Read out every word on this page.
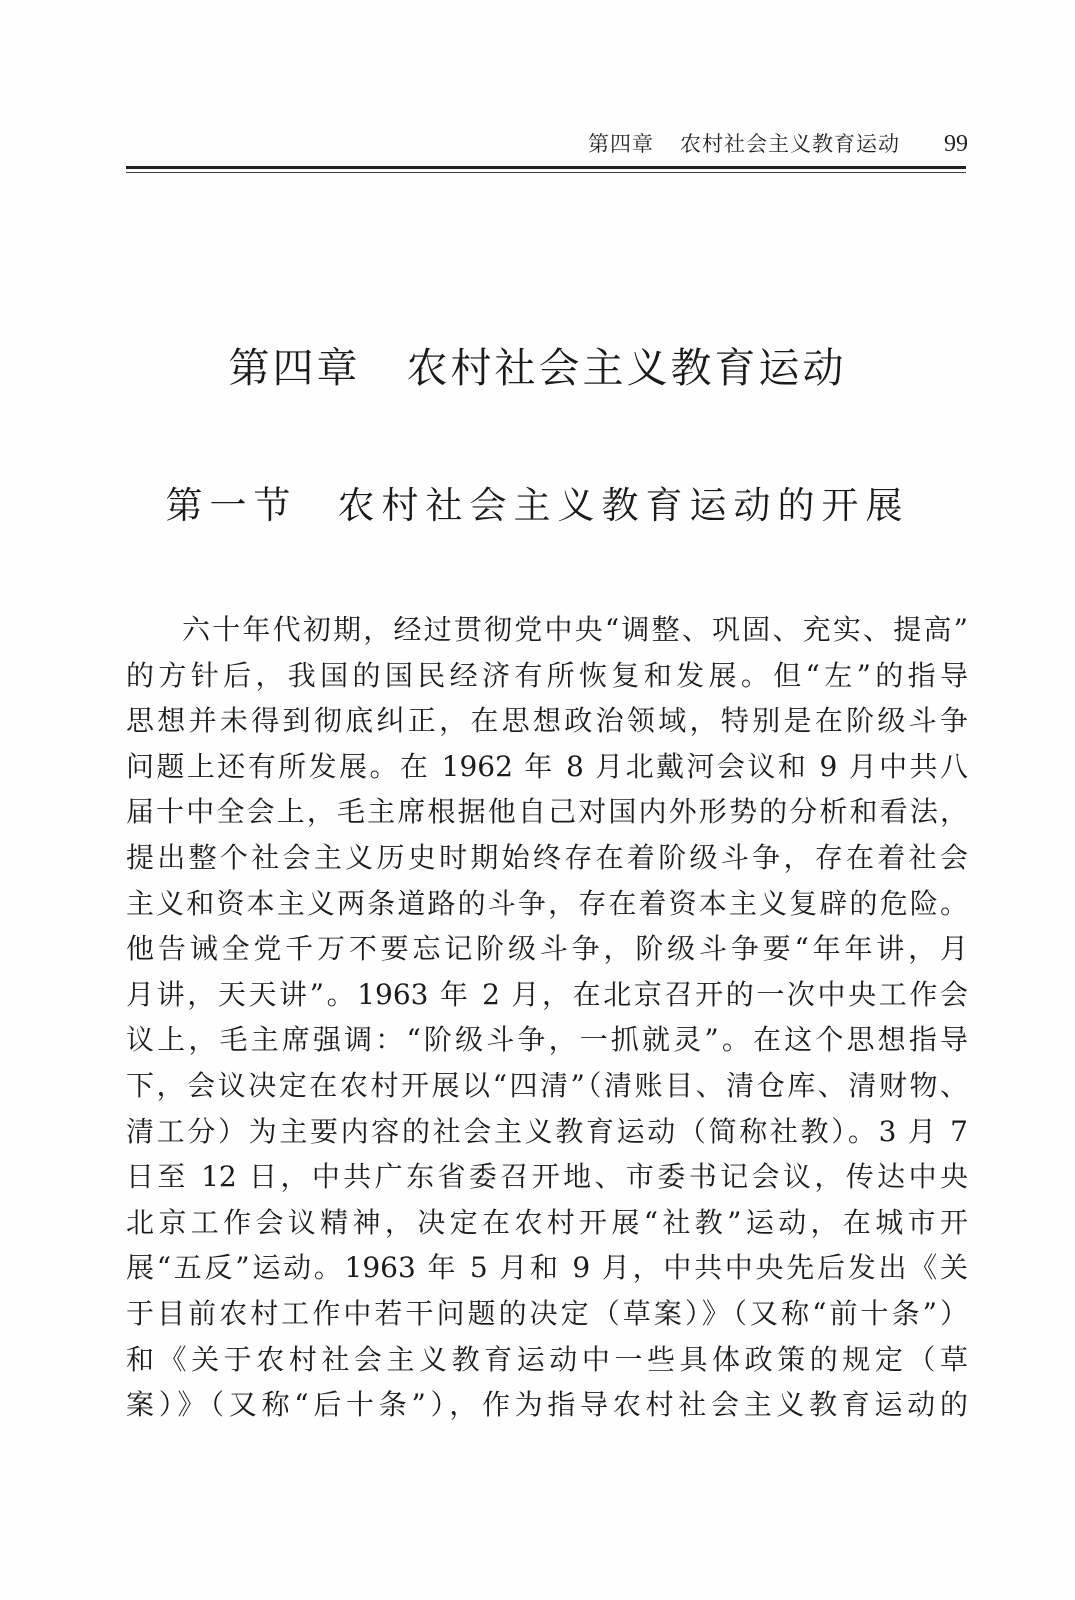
第四章 农村社会主义教育运动 99
第四章 农村社会主义教育运动
第一节 农村社会主义教育运动的开展
六十年代初期，经过贯彻党中央“调整、巩固、充实、提高”
的方针后，我国的国民经济有所恢复和发展。但“左”的指导
思想并未得到彻底纠正，在思想政治领域，特别是在阶级斗争
问题上还有所发展。在 1962 年 8 月北戴河会议和 9 月中共八
届十中全会上，毛主席根据他自己对国内外形势的分析和看法，
提出整个社会主义历史时期始终存在着阶级斗争，存在着社会
主义和资本主义两条道路的斗争，存在着资本主义复辟的危险。
他告诫全党千万不要忘记阶级斗争，阶级斗争要“年年讲，月
月讲，天天讲”。1963 年 2 月，在北京召开的一次中央工作会
议上，毛主席强调：“阶级斗争，一抓就灵”。在这个思想指导
下，会议决定在农村开展以“四清”（清账目、清仓库、清财物、
清工分）为主要内容的社会主义教育运动（简称社教）。3 月 7
日至 12 日，中共广东省委召开地、市委书记会议，传达中央
北京工作会议精神，决定在农村开展“社教”运动，在城市开
展“五反”运动。1963 年 5 月和 9 月，中共中央先后发出《关
于目前农村工作中若干问题的决定（草案）》（又称“前十条”）
和《关于农村社会主义教育运动中一些具体政策的规定（草
案）》（又称“后十条”），作为指导农村社会主义教育运动的
